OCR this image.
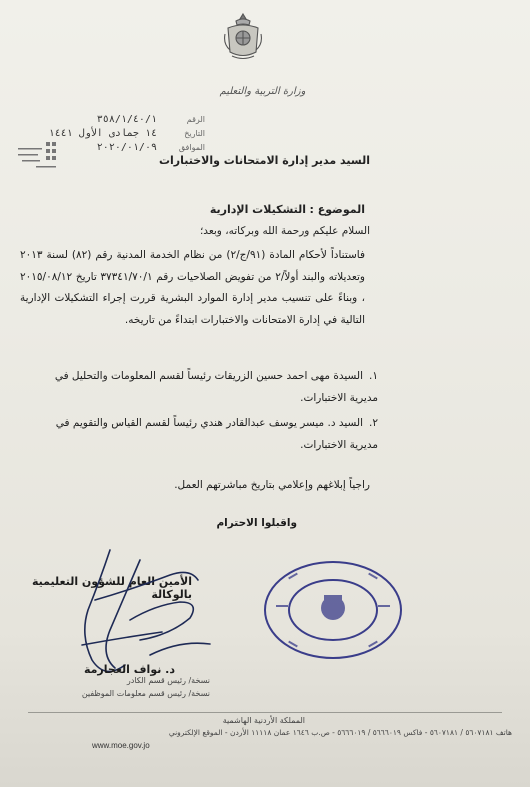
وزارة التربية والتعليم
الرقم
٣٥٨/١/٤٠/١
التاريخ
١٤ جمادى الأول ١٤٤١
الموافق
٢٠٢٠/٠١/٠٩
السيد مدير إدارة الامتحانات والاختبارات
الموضوع : التشكيلات الإدارية
السلام عليكم ورحمة الله وبركاته، وبعد؛
فاستناداً لأحكام المادة (٩١/ج/٢) من نظام الخدمة المدنية رقم (٨٢) لسنة ٢٠١٣ وتعديلاته والبند أولاً/٢ من تفويض الصلاحيات رقم ٣٧٣٤١/٧٠/١ تاريخ ٢٠١٥/٠٨/١٢ ، وبناءً على تنسيب مدير إدارة الموارد البشرية قررت إجراء التشكيلات الإدارية التالية في إدارة الامتحانات والاختبارات ابتداءً من تاريخه.
١.السيدة مهى احمد حسين الزريقات رئيساً لقسم المعلومات والتحليل في مديرية الاختبارات.
٢.السيد د. ميسر يوسف عبدالقادر هندي رئيساً لقسم القياس والتقويم في مديرية الاختبارات.
راجياً إبلاغهم وإعلامي بتاريخ مباشرتهم العمل.
واقبلوا الاحترام
الأمين العام للشؤون التعليمية بالوكالة
د. نواف العجارمة
نسخة/ رئيس قسم الكادر
نسخة/ رئيس قسم معلومات الموظفين
المملكة الأردنية الهاشمية
هاتف ٥٦٠٧١٨١ / ٥٦٠٧١٨١ - فاكس ٥٦٦٦٠١٩ / ٥٦٦٦٠١٩ - ص.ب ١٦٤٦ عمان ١١١١٨ الأردن - الموقع الإلكتروني
www.moe.gov.jo
